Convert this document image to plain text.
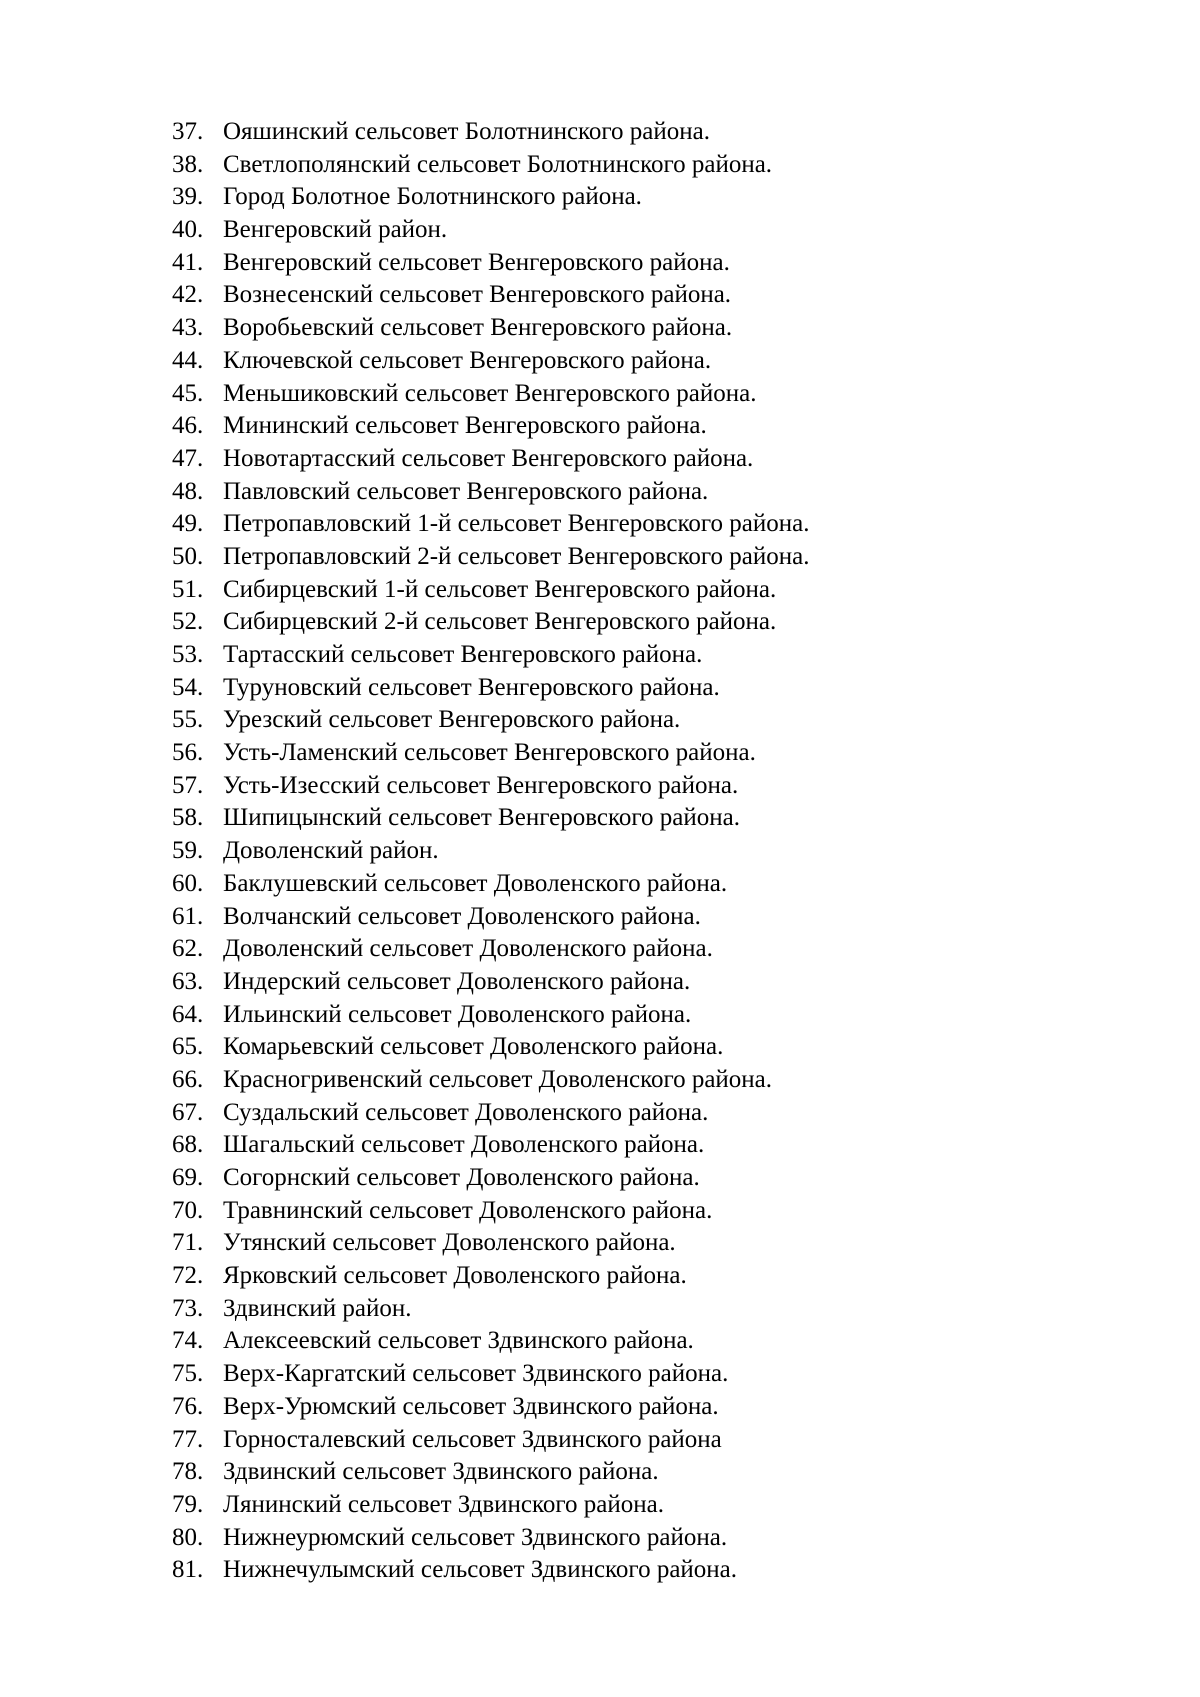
37. Ояшинский сельсовет Болотнинского района.
38. Светлополянский сельсовет Болотнинского района.
39. Город Болотное Болотнинского района.
40. Венгеровский район.
41. Венгеровский сельсовет Венгеровского района.
42. Вознесенский сельсовет Венгеровского района.
43. Воробьевский сельсовет Венгеровского района.
44. Ключевской сельсовет Венгеровского района.
45. Меньшиковский сельсовет Венгеровского района.
46. Мининский сельсовет Венгеровского района.
47. Новотартасский сельсовет Венгеровского района.
48. Павловский сельсовет Венгеровского района.
49. Петропавловский 1-й сельсовет Венгеровского района.
50. Петропавловский 2-й сельсовет Венгеровского района.
51. Сибирцевский 1-й сельсовет Венгеровского района.
52. Сибирцевский 2-й сельсовет Венгеровского района.
53. Тартасский сельсовет Венгеровского района.
54. Туруновский сельсовет Венгеровского района.
55. Урезский сельсовет Венгеровского района.
56. Усть-Ламенский сельсовет Венгеровского района.
57. Усть-Изесский сельсовет Венгеровского района.
58. Шипицынский сельсовет Венгеровского района.
59. Доволенский район.
60. Баклушевский сельсовет Доволенского района.
61. Волчанский сельсовет Доволенского района.
62. Доволенский сельсовет Доволенского района.
63. Индерский сельсовет Доволенского района.
64. Ильинский сельсовет Доволенского района.
65. Комарьевский сельсовет Доволенского района.
66. Красногривенский сельсовет Доволенского района.
67. Суздальский сельсовет Доволенского района.
68. Шагальский сельсовет Доволенского района.
69. Согорнский сельсовет Доволенского района.
70. Травнинский сельсовет Доволенского района.
71. Утянский сельсовет Доволенского района.
72. Ярковский сельсовет Доволенского района.
73. Здвинский район.
74. Алексеевский сельсовет Здвинского района.
75. Верх-Каргатский сельсовет Здвинского района.
76. Верх-Урюмский сельсовет Здвинского района.
77. Горносталевский сельсовет Здвинского района
78. Здвинский сельсовет Здвинского района.
79. Лянинский сельсовет Здвинского района.
80. Нижнеурюмский сельсовет Здвинского района.
81. Нижнечулымский сельсовет Здвинского района.
